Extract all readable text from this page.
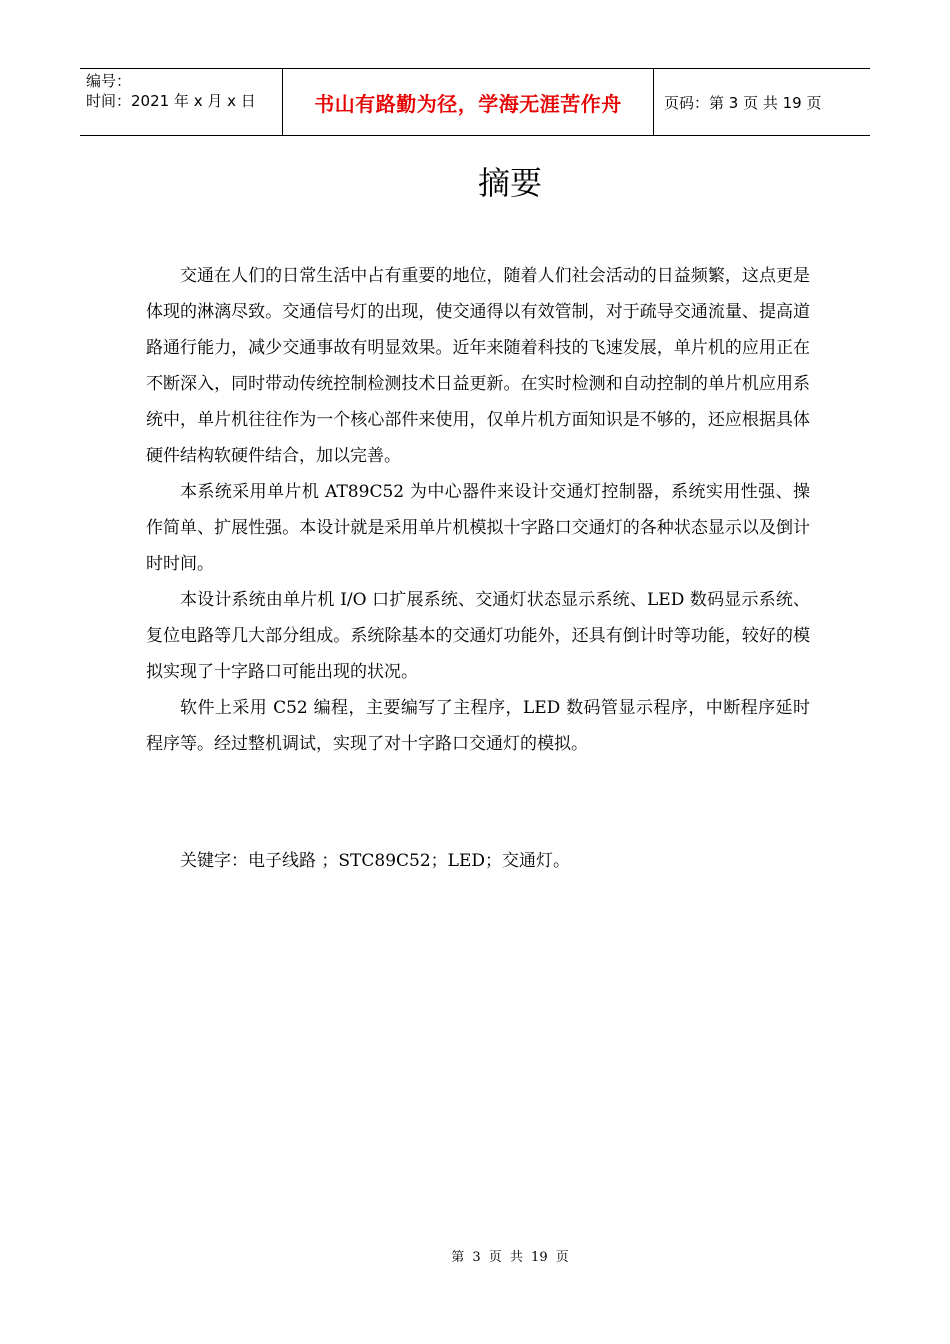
编号：
时间：2021 年 x 月 x 日	书山有路勤为径，学海无涯苦作舟	页码：第 3 页 共 19 页
摘要

交通在人们的日常生活中占有重要的地位，随着人们社会活动的日益频繁，这点更是体现的淋漓尽致。交通信号灯的出现，使交通得以有效管制，对于疏导交通流量、提高道路通行能力，减少交通事故有明显效果。近年来随着科技的飞速发展，单片机的应用正在不断深入，同时带动传统控制检测技术日益更新。在实时检测和自动控制的单片机应用系统中，单片机往往作为一个核心部件来使用，仅单片机方面知识是不够的，还应根据具体硬件结构软硬件结合，加以完善。

本系统采用单片机 AT89C52 为中心器件来设计交通灯控制器，系统实用性强、操作简单、扩展性强。本设计就是采用单片机模拟十字路口交通灯的各种状态显示以及倒计时时间。

本设计系统由单片机 I/O 口扩展系统、交通灯状态显示系统、LED 数码显示系统、复位电路等几大部分组成。系统除基本的交通灯功能外，还具有倒计时等功能，较好的模拟实现了十字路口可能出现的状况。

软件上采用 C52 编程，主要编写了主程序，LED 数码管显示程序，中断程序延时程序等。经过整机调试，实现了对十字路口交通灯的模拟。

关键字：电子线路 ；STC89C52；LED；交通灯。
第 3 页 共 19 页
